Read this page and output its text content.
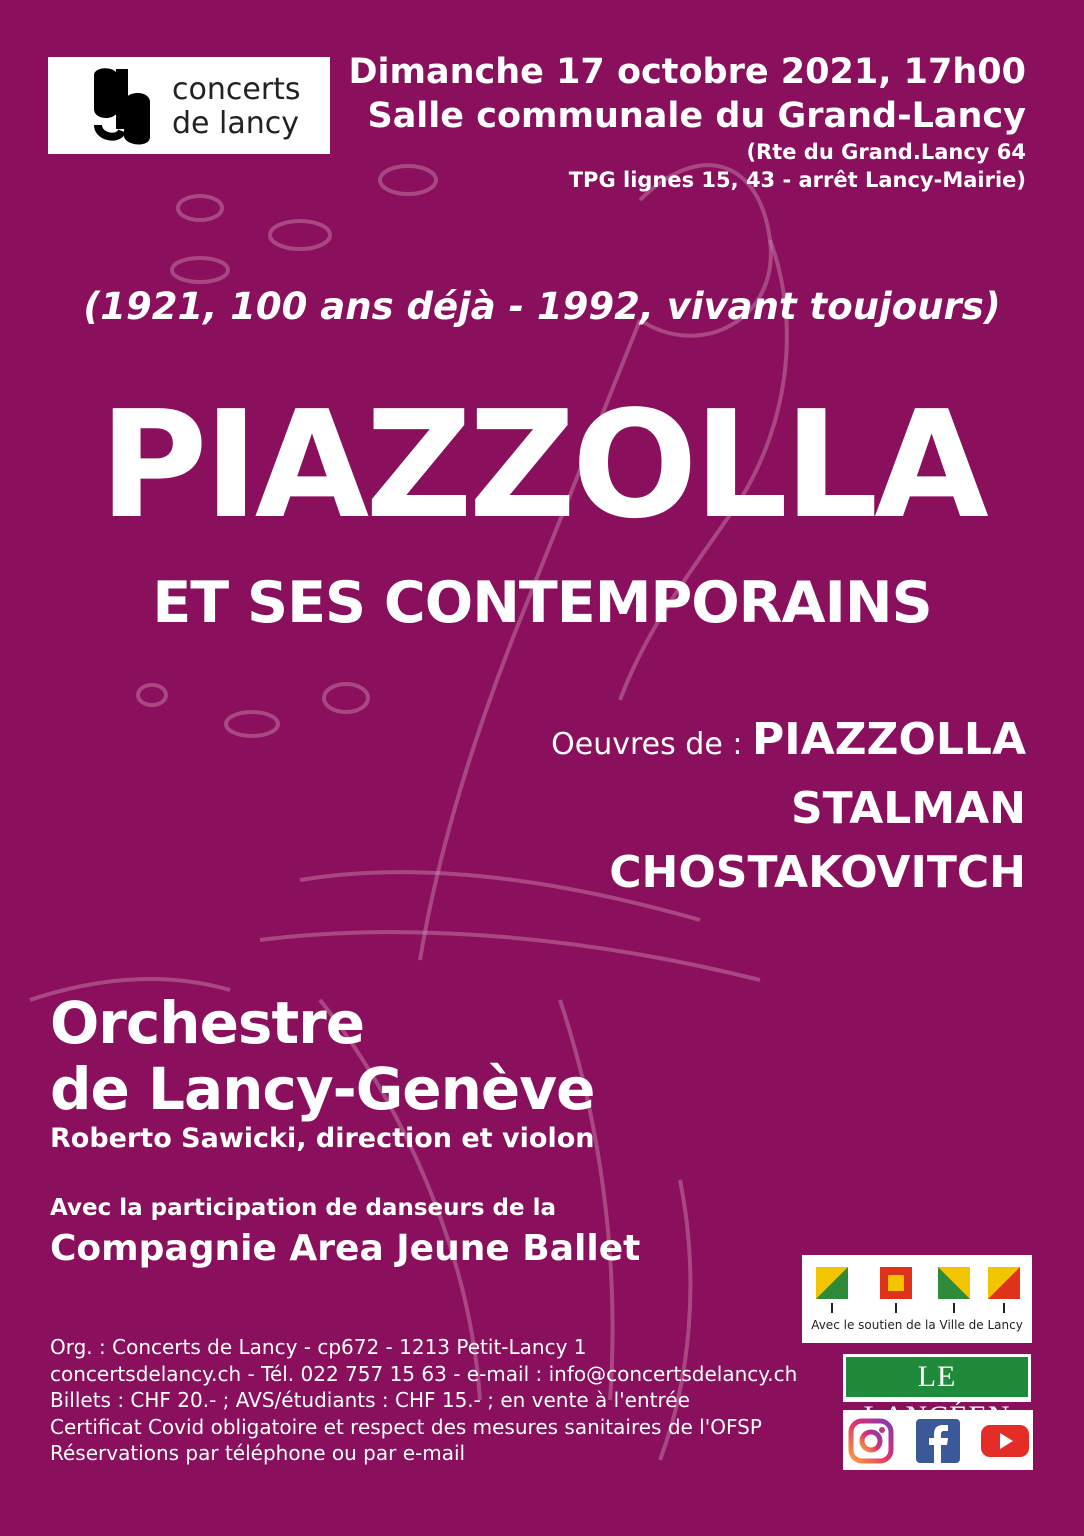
concerts
de lancy
Dimanche 17 octobre 2021, 17h00
Salle communale du Grand-Lancy
(Rte du Grand.Lancy 64
TPG lignes 15, 43 - arrêt Lancy-Mairie)
(1921, 100 ans déjà - 1992, vivant toujours)
PIAZZOLLA
ET SES CONTEMPORAINS
Oeuvres de : PIAZZOLLA
STALMAN
CHOSTAKOVITCH
Orchestre
de Lancy-Genève
Roberto Sawicki, direction et violon
Avec la participation de danseurs de la
Compagnie Area Jeune Ballet
Org. : Concerts de Lancy - cp672 - 1213 Petit-Lancy 1
concertsdelancy.ch - Tél. 022 757 15 63 - e-mail : info@concertsdelancy.ch
Billets : CHF 20.- ; AVS/étudiants : CHF 15.- ; en vente à l'entrée
Certificat Covid obligatoire et respect des mesures sanitaires de l'OFSP
Réservations par téléphone ou par e-mail
Avec le soutien de la Ville de Lancy
LE
